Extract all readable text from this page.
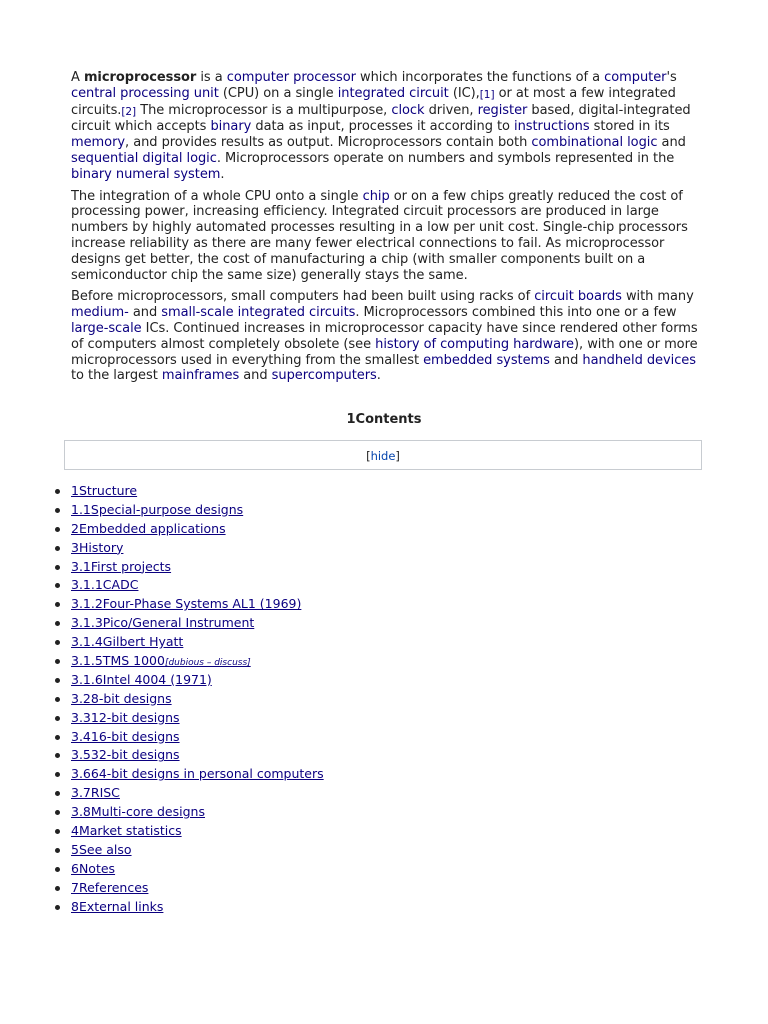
A microprocessor is a computer processor which incorporates the functions of a computer's central processing unit (CPU) on a single integrated circuit (IC),[1] or at most a few integrated circuits.[2] The microprocessor is a multipurpose, clock driven, register based, digital-integrated circuit which accepts binary data as input, processes it according to instructions stored in its memory, and provides results as output. Microprocessors contain both combinational logic and sequential digital logic. Microprocessors operate on numbers and symbols represented in the binary numeral system.

The integration of a whole CPU onto a single chip or on a few chips greatly reduced the cost of processing power, increasing efficiency. Integrated circuit processors are produced in large numbers by highly automated processes resulting in a low per unit cost. Single-chip processors increase reliability as there are many fewer electrical connections to fail. As microprocessor designs get better, the cost of manufacturing a chip (with smaller components built on a semiconductor chip the same size) generally stays the same.

Before microprocessors, small computers had been built using racks of circuit boards with many medium- and small-scale integrated circuits. Microprocessors combined this into one or a few large-scale ICs. Continued increases in microprocessor capacity have since rendered other forms of computers almost completely obsolete (see history of computing hardware), with one or more microprocessors used in everything from the smallest embedded systems and handheld devices to the largest mainframes and supercomputers.

1Contents
[hide]
1Structure
1.1Special-purpose designs
2Embedded applications
3History
3.1First projects
3.1.1CADC
3.1.2Four-Phase Systems AL1 (1969)
3.1.3Pico/General Instrument
3.1.4Gilbert Hyatt
3.1.5TMS 1000[dubious – discuss]
3.1.6Intel 4004 (1971)
3.28-bit designs
3.312-bit designs
3.416-bit designs
3.532-bit designs
3.664-bit designs in personal computers
3.7RISC
3.8Multi-core designs
4Market statistics
5See also
6Notes
7References
8External links
